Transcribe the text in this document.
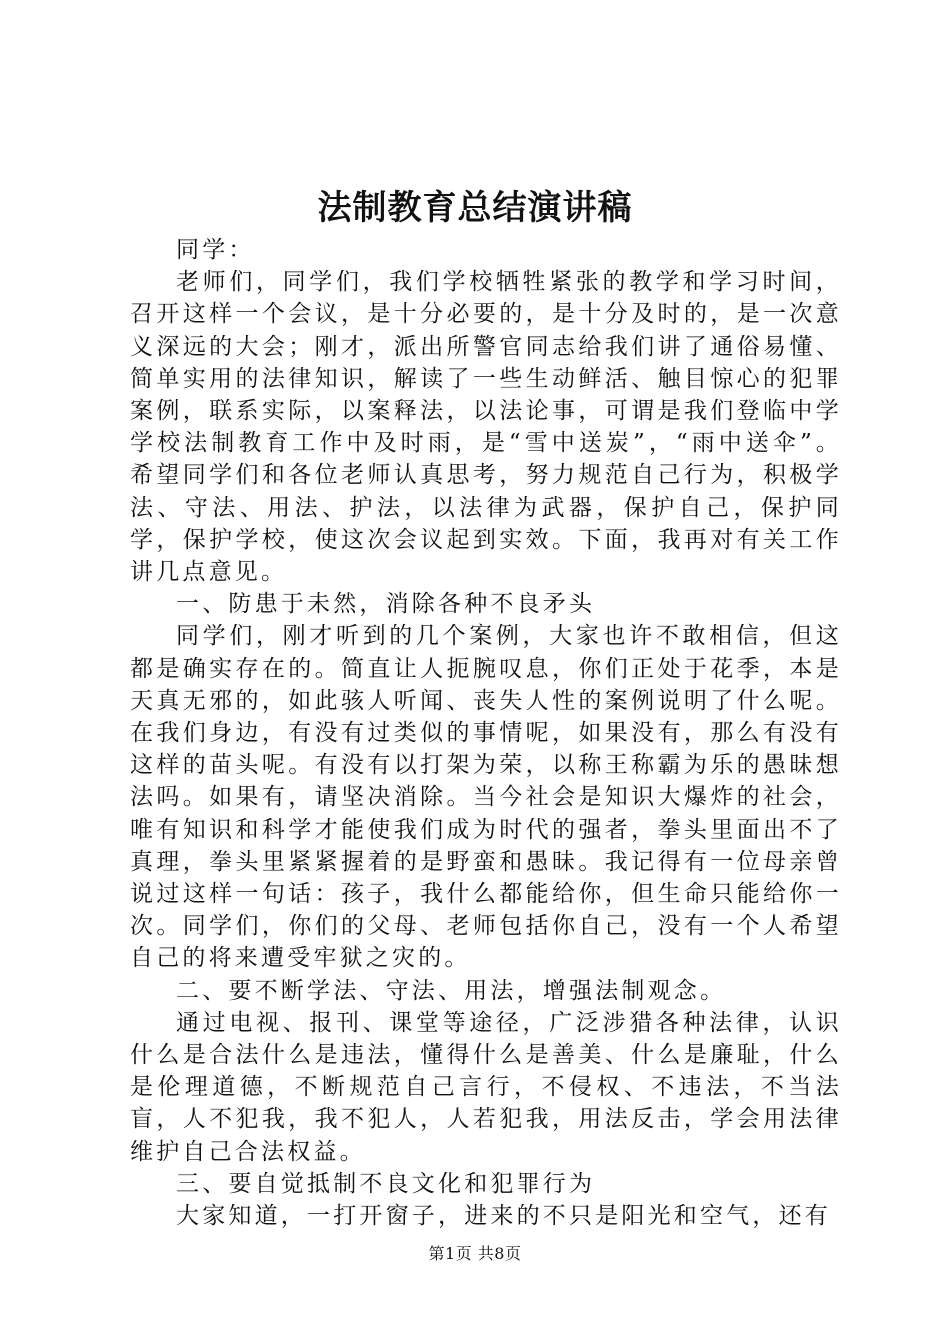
法制教育总结演讲稿

同学：

老师们，同学们，我们学校牺牲紧张的教学和学习时间，召开这样一个会议，是十分必要的，是十分及时的，是一次意义深远的大会；刚才，派出所警官同志给我们讲了通俗易懂、简单实用的法律知识，解读了一些生动鲜活、触目惊心的犯罪案例，联系实际，以案释法，以法论事，可谓是我们登临中学学校法制教育工作中及时雨，是“雪中送炭”，“雨中送伞”。希望同学们和各位老师认真思考，努力规范自己行为，积极学法、守法、用法、护法，以法律为武器，保护自己，保护同学，保护学校，使这次会议起到实效。下面，我再对有关工作讲几点意见。

一、防患于未然，消除各种不良矛头

同学们，刚才听到的几个案例，大家也许不敢相信，但这都是确实存在的。简直让人扼腕叹息，你们正处于花季，本是天真无邪的，如此骇人听闻、丧失人性的案例说明了什么呢。在我们身边，有没有过类似的事情呢，如果没有，那么有没有这样的苗头呢。有没有以打架为荣，以称王称霸为乐的愚昧想法吗。如果有，请坚决消除。当今社会是知识大爆炸的社会，唯有知识和科学才能使我们成为时代的强者，拳头里面出不了真理，拳头里紧紧握着的是野蛮和愚昧。我记得有一位母亲曾说过这样一句话：孩子，我什么都能给你，但生命只能给你一次。同学们，你们的父母、老师包括你自己，没有一个人希望自己的将来遭受牢狱之灾的。

二、要不断学法、守法、用法，增强法制观念。

通过电视、报刊、课堂等途径，广泛涉猎各种法律，认识什么是合法什么是违法，懂得什么是善美、什么是廉耻，什么是伦理道德，不断规范自己言行，不侵权、不违法，不当法盲，人不犯我，我不犯人，人若犯我，用法反击，学会用法律维护自己合法权益。

三、要自觉抵制不良文化和犯罪行为

大家知道，一打开窗子，进来的不只是阳光和空气，还有

第1页 共8页
